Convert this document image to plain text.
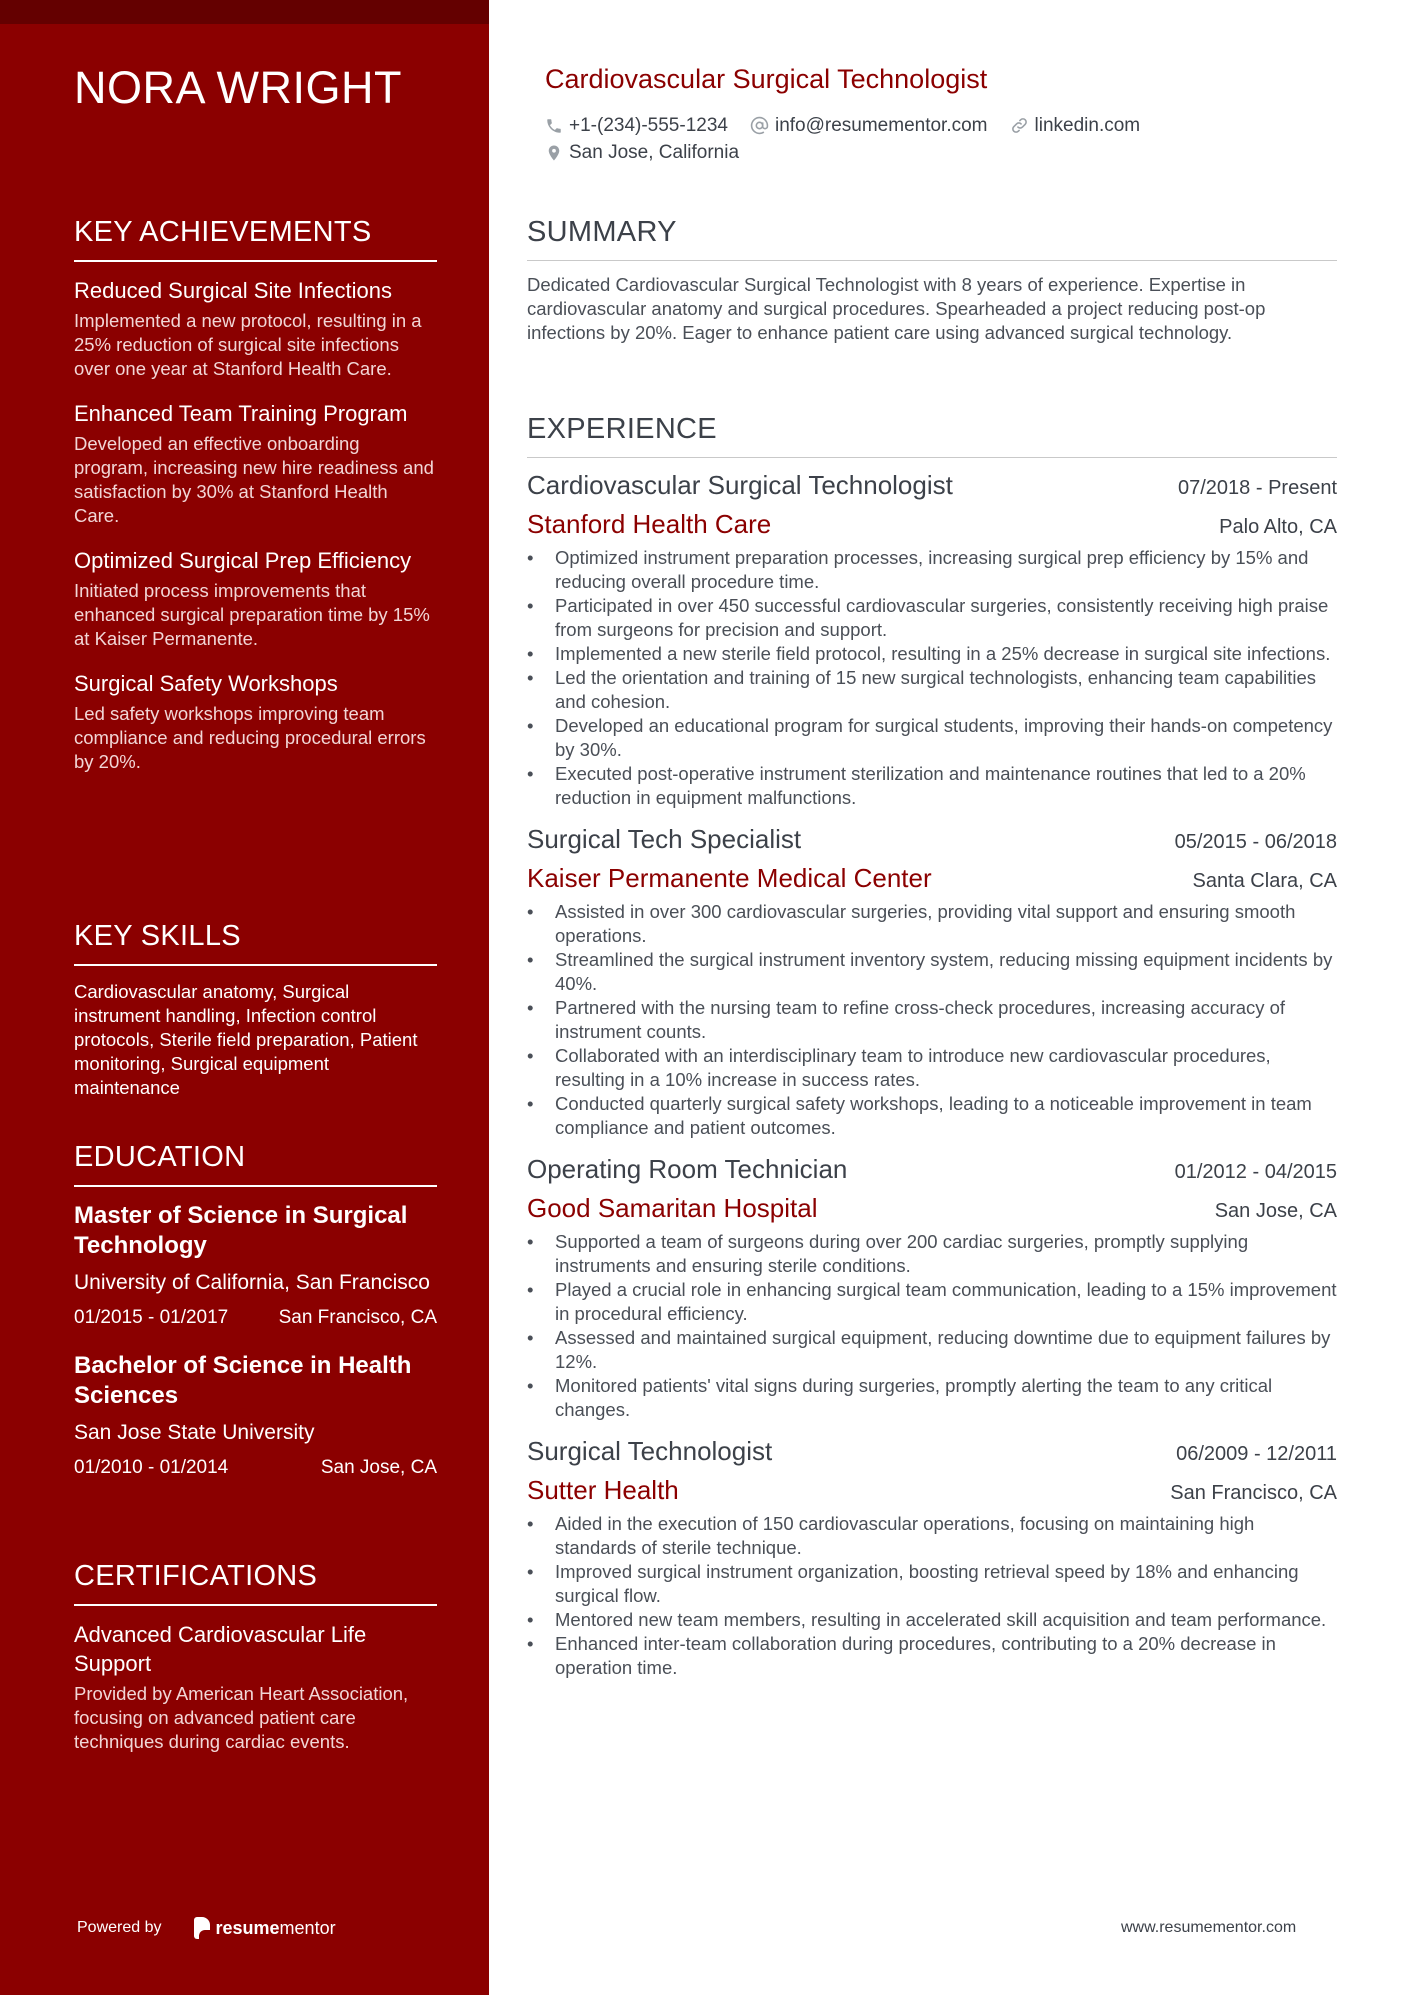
NORA WRIGHT
KEY ACHIEVEMENTS
Reduced Surgical Site Infections
Implemented a new protocol, resulting in a 25% reduction of surgical site infections over one year at Stanford Health Care.
Enhanced Team Training Program
Developed an effective onboarding program, increasing new hire readiness and satisfaction by 30% at Stanford Health Care.
Optimized Surgical Prep Efficiency
Initiated process improvements that enhanced surgical preparation time by 15% at Kaiser Permanente.
Surgical Safety Workshops
Led safety workshops improving team compliance and reducing procedural errors by 20%.
KEY SKILLS
Cardiovascular anatomy, Surgical instrument handling, Infection control protocols, Sterile field preparation, Patient monitoring, Surgical equipment maintenance
EDUCATION
Master of Science in Surgical Technology
University of California, San Francisco
01/2015 - 01/2017	San Francisco, CA
Bachelor of Science in Health Sciences
San Jose State University
01/2010 - 01/2014	San Jose, CA
CERTIFICATIONS
Advanced Cardiovascular Life Support
Provided by American Heart Association, focusing on advanced patient care techniques during cardiac events.
Powered by	resume mentor
Cardiovascular Surgical Technologist
+1-(234)-555-1234 info@resumementor.com linkedin.com
San Jose, California
SUMMARY
Dedicated Cardiovascular Surgical Technologist with 8 years of experience. Expertise in cardiovascular anatomy and surgical procedures. Spearheaded a project reducing post-op infections by 20%. Eager to enhance patient care using advanced surgical technology.
EXPERIENCE
Cardiovascular Surgical Technologist	07/2018 - Present
Stanford Health Care	Palo Alto, CA
• Optimized instrument preparation processes, increasing surgical prep efficiency by 15% and reducing overall procedure time.
• Participated in over 450 successful cardiovascular surgeries, consistently receiving high praise from surgeons for precision and support.
• Implemented a new sterile field protocol, resulting in a 25% decrease in surgical site infections.
• Led the orientation and training of 15 new surgical technologists, enhancing team capabilities and cohesion.
• Developed an educational program for surgical students, improving their hands-on competency by 30%.
• Executed post-operative instrument sterilization and maintenance routines that led to a 20% reduction in equipment malfunctions.
Surgical Tech Specialist	05/2015 - 06/2018
Kaiser Permanente Medical Center	Santa Clara, CA
• Assisted in over 300 cardiovascular surgeries, providing vital support and ensuring smooth operations.
• Streamlined the surgical instrument inventory system, reducing missing equipment incidents by 40%.
• Partnered with the nursing team to refine cross-check procedures, increasing accuracy of instrument counts.
• Collaborated with an interdisciplinary team to introduce new cardiovascular procedures, resulting in a 10% increase in success rates.
• Conducted quarterly surgical safety workshops, leading to a noticeable improvement in team compliance and patient outcomes.
Operating Room Technician	01/2012 - 04/2015
Good Samaritan Hospital	San Jose, CA
• Supported a team of surgeons during over 200 cardiac surgeries, promptly supplying instruments and ensuring sterile conditions.
• Played a crucial role in enhancing surgical team communication, leading to a 15% improvement in procedural efficiency.
• Assessed and maintained surgical equipment, reducing downtime due to equipment failures by 12%.
• Monitored patients' vital signs during surgeries, promptly alerting the team to any critical changes.
Surgical Technologist	06/2009 - 12/2011
Sutter Health	San Francisco, CA
• Aided in the execution of 150 cardiovascular operations, focusing on maintaining high standards of sterile technique.
• Improved surgical instrument organization, boosting retrieval speed by 18% and enhancing surgical flow.
• Mentored new team members, resulting in accelerated skill acquisition and team performance.
• Enhanced inter-team collaboration during procedures, contributing to a 20% decrease in operation time.
www.resumementor.com
